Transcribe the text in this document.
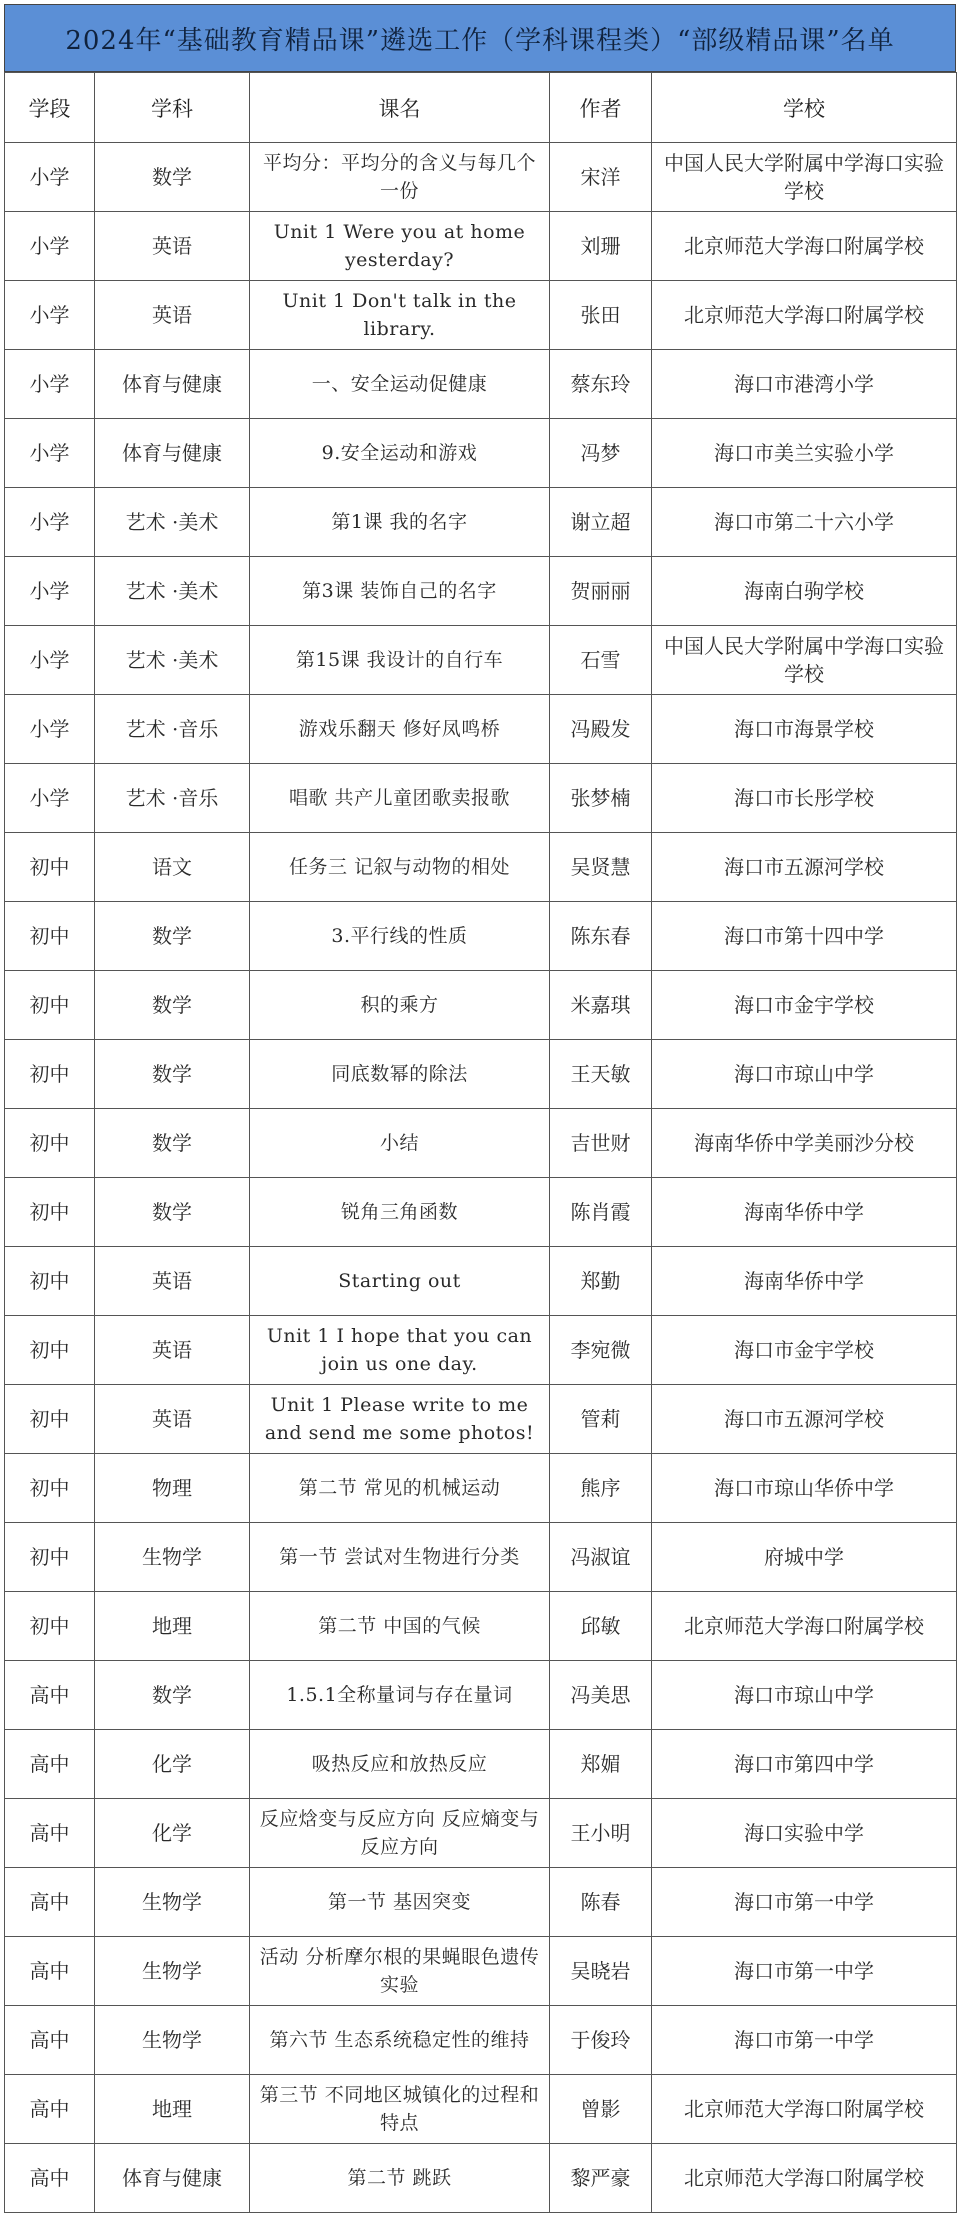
2024年“基础教育精品课”遴选工作（学科课程类）“部级精品课”名单
学段	学科	课名	作者	学校
小学	数学	平均分：平均分的含义与每几个一份	宋洋	中国人民大学附属中学海口实验学校
小学	英语	Unit 1 Were you at home yesterday?	刘珊	北京师范大学海口附属学校
小学	英语	Unit 1 Don't talk in the library.	张田	北京师范大学海口附属学校
小学	体育与健康	一、安全运动促健康	蔡东玲	海口市港湾小学
小学	体育与健康	9.安全运动和游戏	冯梦	海口市美兰实验小学
小学	艺术 ·美术	第1课 我的名字	谢立超	海口市第二十六小学
小学	艺术 ·美术	第3课 装饰自己的名字	贺丽丽	海南白驹学校
小学	艺术 ·美术	第15课 我设计的自行车	石雪	中国人民大学附属中学海口实验学校
小学	艺术 ·音乐	游戏乐翻天 修好凤鸣桥	冯殿发	海口市海景学校
小学	艺术 ·音乐	唱歌 共产儿童团歌卖报歌	张梦楠	海口市长彤学校
初中	语文	任务三 记叙与动物的相处	吴贤慧	海口市五源河学校
初中	数学	3.平行线的性质	陈东春	海口市第十四中学
初中	数学	积的乘方	米嘉琪	海口市金宇学校
初中	数学	同底数幂的除法	王天敏	海口市琼山中学
初中	数学	小结	吉世财	海南华侨中学美丽沙分校
初中	数学	锐角三角函数	陈肖霞	海南华侨中学
初中	英语	Starting out	郑勤	海南华侨中学
初中	英语	Unit 1 I hope that you can join us one day.	李宛微	海口市金宇学校
初中	英语	Unit 1 Please write to me and send me some photos!	管莉	海口市五源河学校
初中	物理	第二节 常见的机械运动	熊序	海口市琼山华侨中学
初中	生物学	第一节 尝试对生物进行分类	冯淑谊	府城中学
初中	地理	第二节 中国的气候	邱敏	北京师范大学海口附属学校
高中	数学	1.5.1全称量词与存在量词	冯美思	海口市琼山中学
高中	化学	吸热反应和放热反应	郑媚	海口市第四中学
高中	化学	反应焓变与反应方向 反应熵变与反应方向	王小明	海口实验中学
高中	生物学	第一节 基因突变	陈春	海口市第一中学
高中	生物学	活动 分析摩尔根的果蝇眼色遗传实验	吴晓岩	海口市第一中学
高中	生物学	第六节 生态系统稳定性的维持	于俊玲	海口市第一中学
高中	地理	第三节 不同地区城镇化的过程和特点	曾影	北京师范大学海口附属学校
高中	体育与健康	第二节 跳跃	黎严豪	北京师范大学海口附属学校
